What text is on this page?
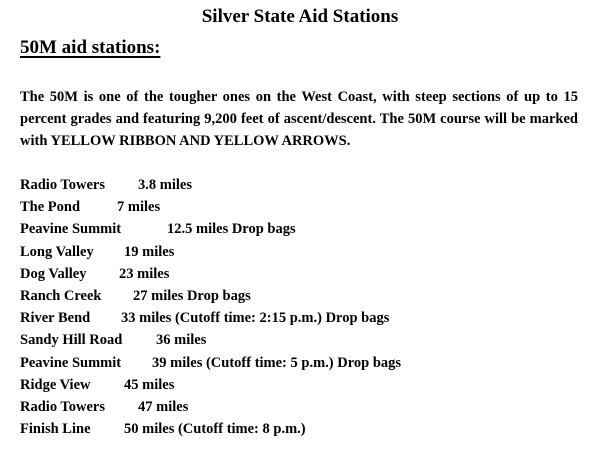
Silver State Aid Stations
50M aid stations:

The 50M is one of the tougher ones on the West Coast, with steep sections of up to 15 percent grades and featuring 9,200 feet of ascent/descent. The 50M course will be marked with YELLOW RIBBON AND YELLOW ARROWS.

Radio Towers 3.8 miles
The Pond	7 miles
Peavine Summit	12.5 miles Drop bags
Long Valley 19 miles
Dog Valley 23 miles
Ranch Creek 27 miles Drop bags
River Bend 33 miles (Cutoff time: 2:15 p.m.) Drop bags
Sandy Hill Road 36 miles
Peavine Summit 39 miles (Cutoff time: 5 p.m.) Drop bags
Ridge View 45 miles
Radio Towers 47 miles
Finish Line 50 miles (Cutoff time: 8 p.m.)
